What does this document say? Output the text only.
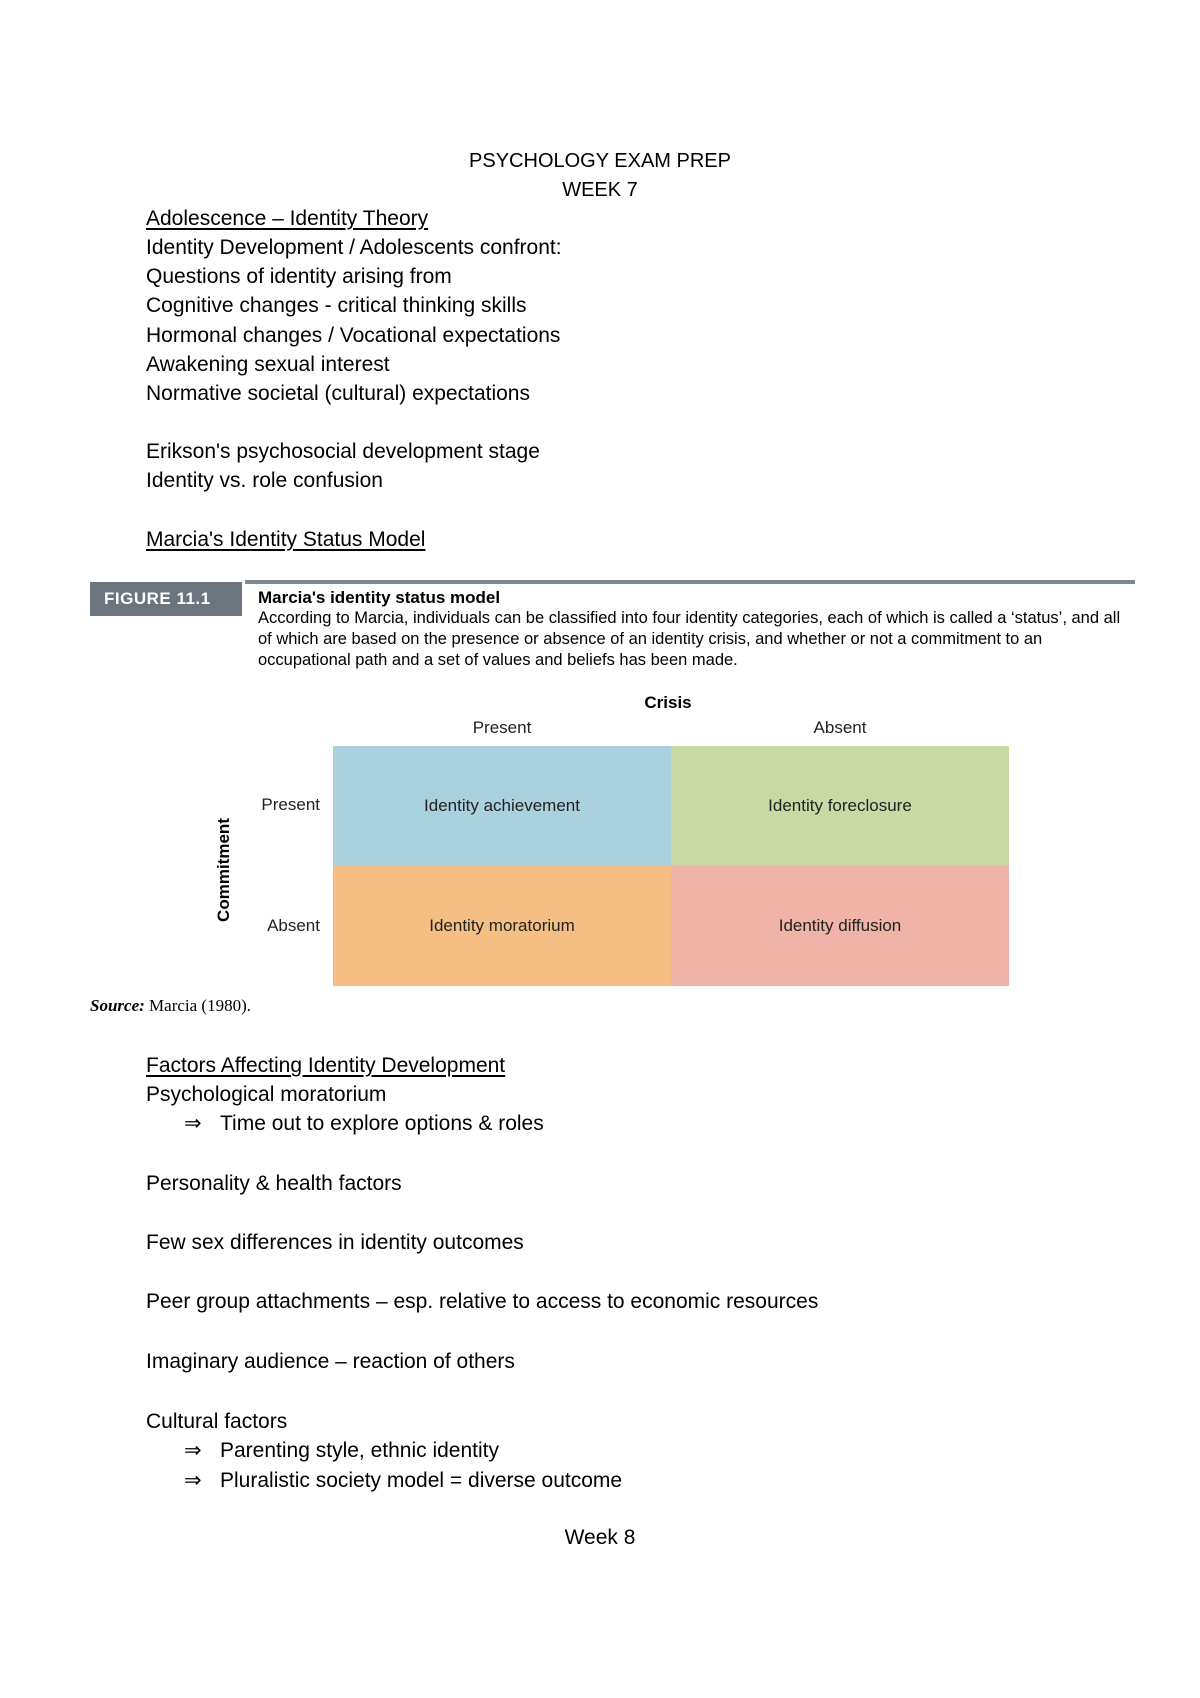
PSYCHOLOGY EXAM PREP
WEEK 7
Adolescence – Identity Theory
Identity Development / Adolescents confront:
Questions of identity arising from
Cognitive changes - critical thinking skills
Hormonal changes / Vocational expectations
Awakening sexual interest
Normative societal (cultural) expectations
Erikson's psychosocial development stage
Identity vs. role confusion
Marcia's Identity Status Model
FIGURE 11.1	Marcia's identity status model
According to Marcia, individuals can be classified into four identity categories, each of which is called a ‘status’, and all of which are based on the presence or absence of an identity crisis, and whether or not a commitment to an occupational path and a set of values and beliefs has been made.
Crisis
Present	Absent
Commitment
Present
Absent
Identity achievement	Identity foreclosure
Identity moratorium	Identity diffusion
Source: Marcia (1980).
Factors Affecting Identity Development
Psychological moratorium
⇒ Time out to explore options & roles
Personality & health factors
Few sex differences in identity outcomes
Peer group attachments – esp. relative to access to economic resources
Imaginary audience – reaction of others
Cultural factors
⇒ Parenting style, ethnic identity
⇒ Pluralistic society model = diverse outcome
Week 8
